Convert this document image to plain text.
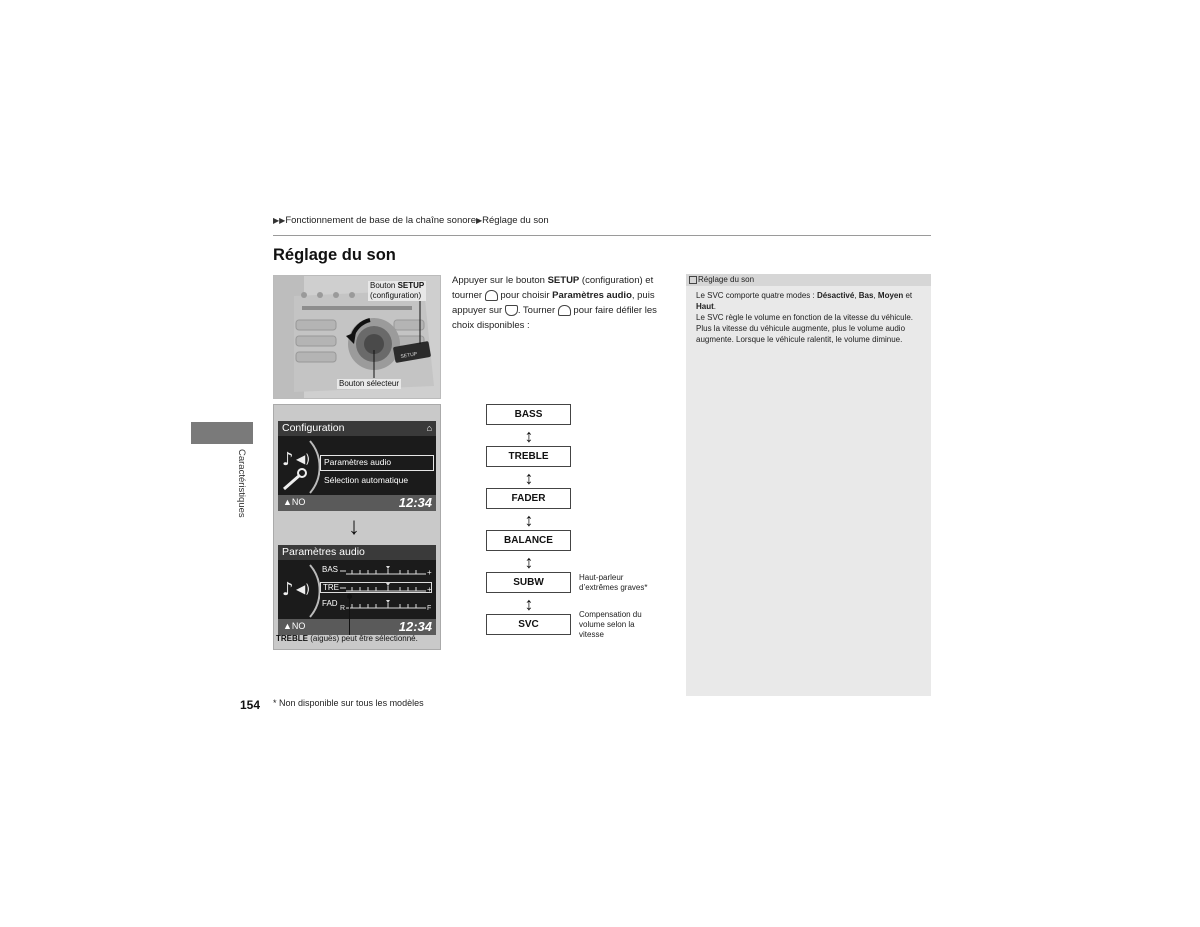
▶▶Fonctionnement de base de la chaîne sonore▶Réglage du son
Réglage du son
Caractéristiques
SETUP
Bouton SETUP
(configuration)
Bouton sélecteur
Configuration	⌂
♪ ◀)	Paramètres audio
Sélection automatique
▲NO	12:34
↓
Paramètres audio
♪ ◀)
BAS
TRE
FAD
+
+
R	F
▲NO	12:34
TREBLE (aiguës) peut être sélectionné.
Appuyer sur le bouton SETUP (configuration) et tourner  pour choisir Paramètres audio, puis appuyer sur . Tourner  pour faire défiler les choix disponibles :
BASS
↕
TREBLE
↕
FADER
↕
BALANCE
↕
SUBW
↕
SVC
Haut-parleur
d’extrêmes graves*
Compensation du
volume selon la
vitesse
Réglage du son
Le SVC comporte quatre modes : Désactivé, Bas, Moyen et Haut.
Le SVC règle le volume en fonction de la vitesse du véhicule. Plus la vitesse du véhicule augmente, plus le volume audio augmente. Lorsque le véhicule ralentit, le volume diminue.
154 * Non disponible sur tous les modèles
